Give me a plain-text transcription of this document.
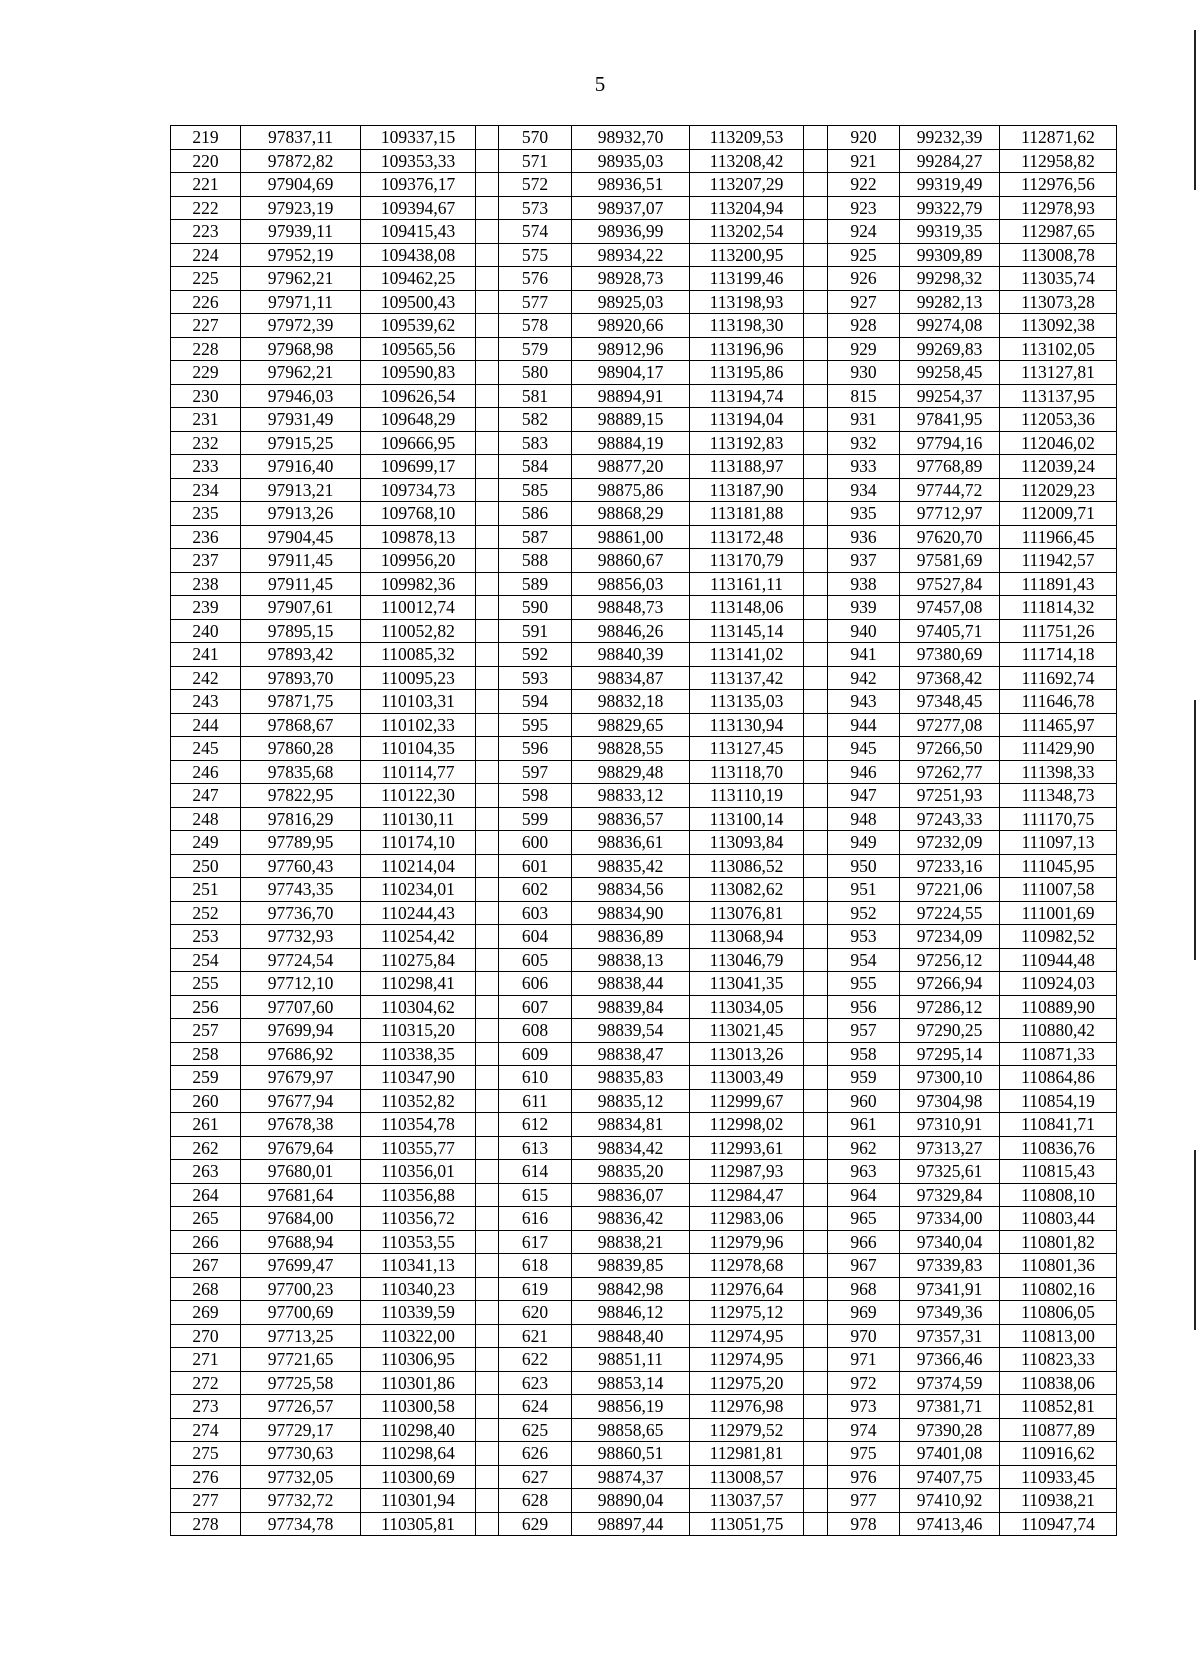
5
219	97837,11	109337,15		570	98932,70	113209,53		920	99232,39	112871,62
220	97872,82	109353,33		571	98935,03	113208,42		921	99284,27	112958,82
221	97904,69	109376,17		572	98936,51	113207,29		922	99319,49	112976,56
222	97923,19	109394,67		573	98937,07	113204,94		923	99322,79	112978,93
223	97939,11	109415,43		574	98936,99	113202,54		924	99319,35	112987,65
224	97952,19	109438,08		575	98934,22	113200,95		925	99309,89	113008,78
225	97962,21	109462,25		576	98928,73	113199,46		926	99298,32	113035,74
226	97971,11	109500,43		577	98925,03	113198,93		927	99282,13	113073,28
227	97972,39	109539,62		578	98920,66	113198,30		928	99274,08	113092,38
228	97968,98	109565,56		579	98912,96	113196,96		929	99269,83	113102,05
229	97962,21	109590,83		580	98904,17	113195,86		930	99258,45	113127,81
230	97946,03	109626,54		581	98894,91	113194,74		815	99254,37	113137,95
231	97931,49	109648,29		582	98889,15	113194,04		931	97841,95	112053,36
232	97915,25	109666,95		583	98884,19	113192,83		932	97794,16	112046,02
233	97916,40	109699,17		584	98877,20	113188,97		933	97768,89	112039,24
234	97913,21	109734,73		585	98875,86	113187,90		934	97744,72	112029,23
235	97913,26	109768,10		586	98868,29	113181,88		935	97712,97	112009,71
236	97904,45	109878,13		587	98861,00	113172,48		936	97620,70	111966,45
237	97911,45	109956,20		588	98860,67	113170,79		937	97581,69	111942,57
238	97911,45	109982,36		589	98856,03	113161,11		938	97527,84	111891,43
239	97907,61	110012,74		590	98848,73	113148,06		939	97457,08	111814,32
240	97895,15	110052,82		591	98846,26	113145,14		940	97405,71	111751,26
241	97893,42	110085,32		592	98840,39	113141,02		941	97380,69	111714,18
242	97893,70	110095,23		593	98834,87	113137,42		942	97368,42	111692,74
243	97871,75	110103,31		594	98832,18	113135,03		943	97348,45	111646,78
244	97868,67	110102,33		595	98829,65	113130,94		944	97277,08	111465,97
245	97860,28	110104,35		596	98828,55	113127,45		945	97266,50	111429,90
246	97835,68	110114,77		597	98829,48	113118,70		946	97262,77	111398,33
247	97822,95	110122,30		598	98833,12	113110,19		947	97251,93	111348,73
248	97816,29	110130,11		599	98836,57	113100,14		948	97243,33	111170,75
249	97789,95	110174,10		600	98836,61	113093,84		949	97232,09	111097,13
250	97760,43	110214,04		601	98835,42	113086,52		950	97233,16	111045,95
251	97743,35	110234,01		602	98834,56	113082,62		951	97221,06	111007,58
252	97736,70	110244,43		603	98834,90	113076,81		952	97224,55	111001,69
253	97732,93	110254,42		604	98836,89	113068,94		953	97234,09	110982,52
254	97724,54	110275,84		605	98838,13	113046,79		954	97256,12	110944,48
255	97712,10	110298,41		606	98838,44	113041,35		955	97266,94	110924,03
256	97707,60	110304,62		607	98839,84	113034,05		956	97286,12	110889,90
257	97699,94	110315,20		608	98839,54	113021,45		957	97290,25	110880,42
258	97686,92	110338,35		609	98838,47	113013,26		958	97295,14	110871,33
259	97679,97	110347,90		610	98835,83	113003,49		959	97300,10	110864,86
260	97677,94	110352,82		611	98835,12	112999,67		960	97304,98	110854,19
261	97678,38	110354,78		612	98834,81	112998,02		961	97310,91	110841,71
262	97679,64	110355,77		613	98834,42	112993,61		962	97313,27	110836,76
263	97680,01	110356,01		614	98835,20	112987,93		963	97325,61	110815,43
264	97681,64	110356,88		615	98836,07	112984,47		964	97329,84	110808,10
265	97684,00	110356,72		616	98836,42	112983,06		965	97334,00	110803,44
266	97688,94	110353,55		617	98838,21	112979,96		966	97340,04	110801,82
267	97699,47	110341,13		618	98839,85	112978,68		967	97339,83	110801,36
268	97700,23	110340,23		619	98842,98	112976,64		968	97341,91	110802,16
269	97700,69	110339,59		620	98846,12	112975,12		969	97349,36	110806,05
270	97713,25	110322,00		621	98848,40	112974,95		970	97357,31	110813,00
271	97721,65	110306,95		622	98851,11	112974,95		971	97366,46	110823,33
272	97725,58	110301,86		623	98853,14	112975,20		972	97374,59	110838,06
273	97726,57	110300,58		624	98856,19	112976,98		973	97381,71	110852,81
274	97729,17	110298,40		625	98858,65	112979,52		974	97390,28	110877,89
275	97730,63	110298,64		626	98860,51	112981,81		975	97401,08	110916,62
276	97732,05	110300,69		627	98874,37	113008,57		976	97407,75	110933,45
277	97732,72	110301,94		628	98890,04	113037,57		977	97410,92	110938,21
278	97734,78	110305,81		629	98897,44	113051,75		978	97413,46	110947,74
